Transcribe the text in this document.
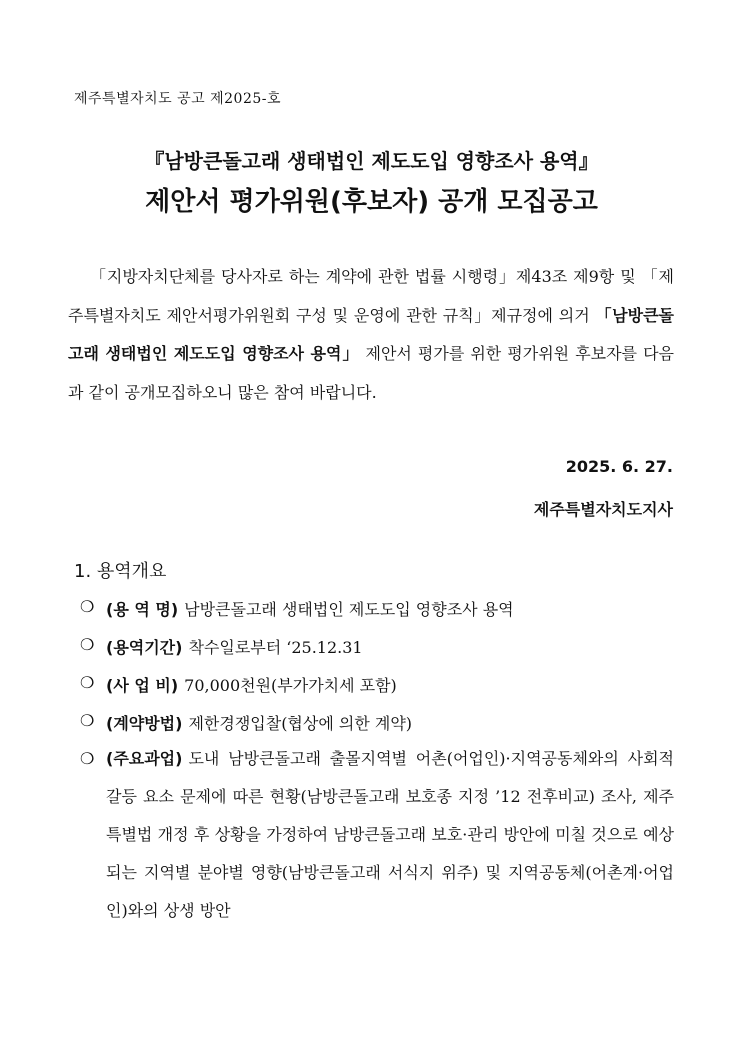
제주특별자치도 공고 제2025-호
『남방큰돌고래 생태법인 제도도입 영향조사 용역』
제안서 평가위원(후보자) 공개 모집공고
「지방자치단체를 당사자로 하는 계약에 관한 법률 시행령」제43조 제9항 및 「제주특별자치도 제안서평가위원회 구성 및 운영에 관한 규칙」제규정에 의거 「남방큰돌고래 생태법인 제도도입 영향조사 용역」 제안서 평가를 위한 평가위원 후보자를 다음과 같이 공개모집하오니 많은 참여 바랍니다.
2025. 6. 27.
제주특별자치도지사
1. 용역개요
❍ (용 역 명) 남방큰돌고래 생태법인 제도도입 영향조사 용역
❍ (용역기간) 착수일로부터 ‘25.12.31
❍ (사 업 비) 70,000천원(부가가치세 포함)
❍ (계약방법) 제한경쟁입찰(협상에 의한 계약)
❍ (주요과업) 도내 남방큰돌고래 출몰지역별 어촌(어업인)·지역공동체와의 사회적 갈등 요소 문제에 따른 현황(남방큰돌고래 보호종 지정 ’12 전후비교) 조사, 제주특별법 개정 후 상황을 가정하여 남방큰돌고래 보호·관리 방안에 미칠 것으로 예상되는 지역별 분야별 영향(남방큰돌고래 서식지 위주) 및 지역공동체(어촌계·어업인)와의 상생 방안
